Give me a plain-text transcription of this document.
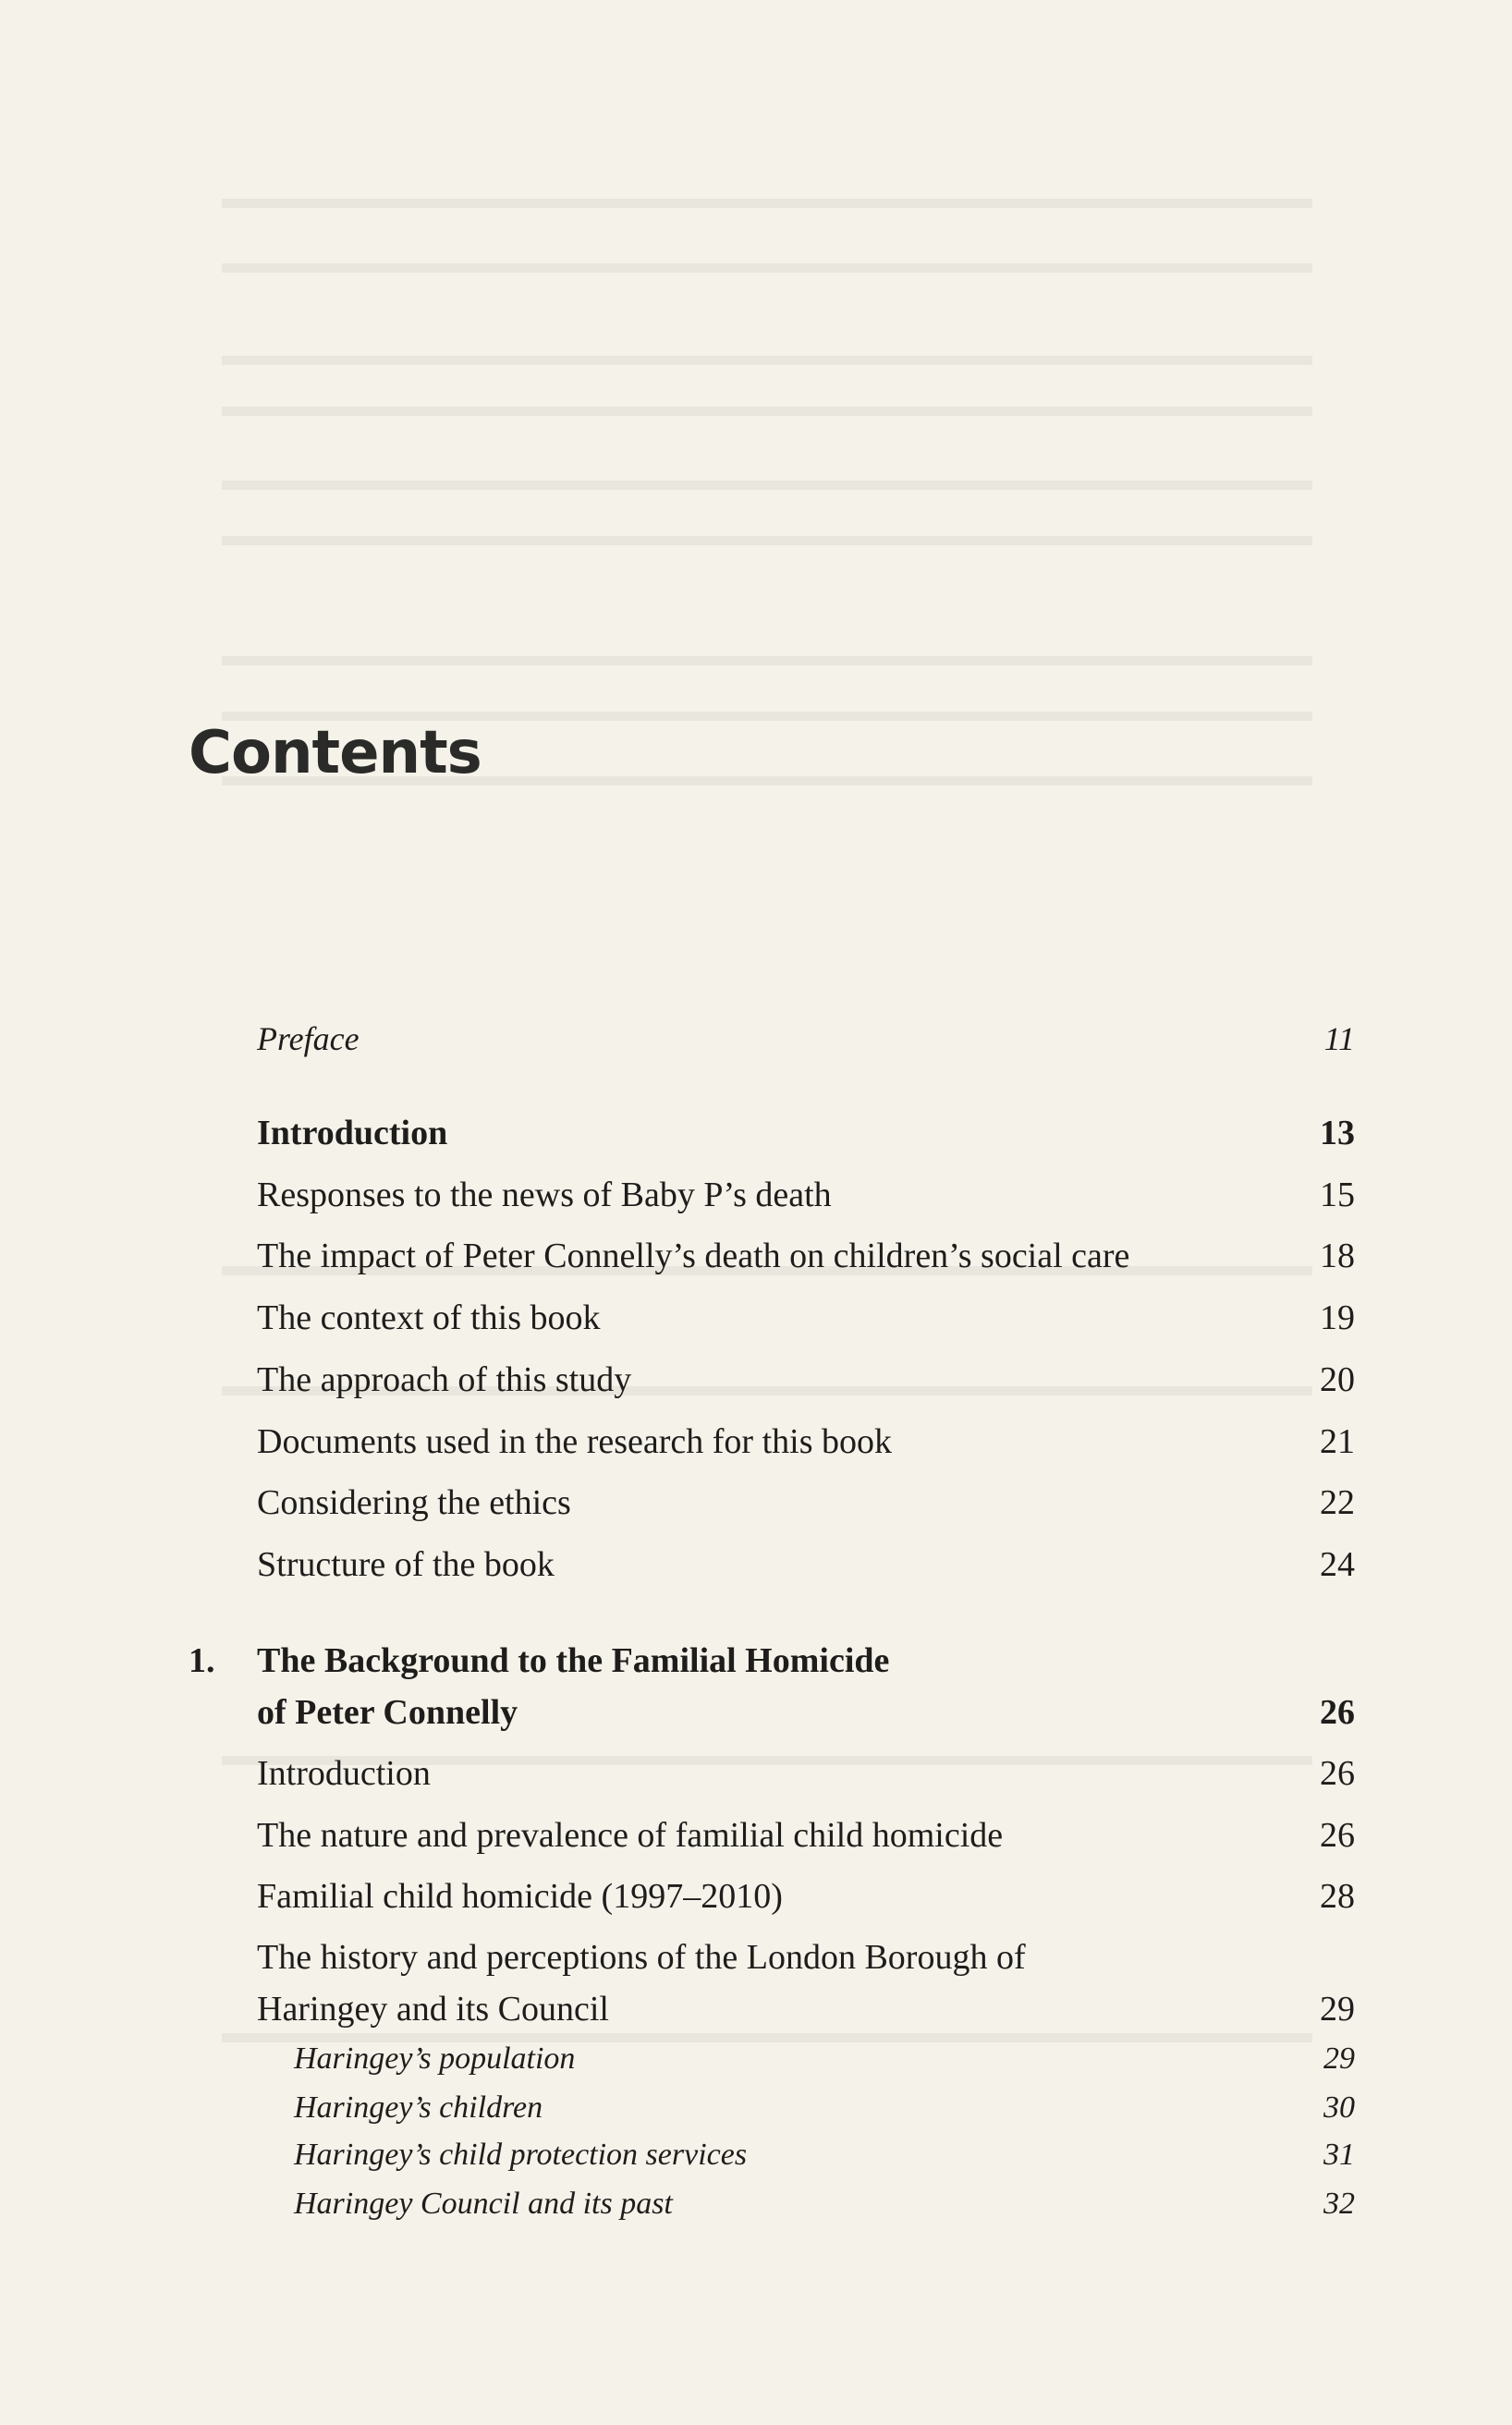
Contents
Preface	11
Introduction	13
Responses to the news of Baby P’s death	15
The impact of Peter Connelly’s death on children’s social care	18
The context of this book	19
The approach of this study	20
Documents used in the research for this book	21
Considering the ethics	22
Structure of the book	24
1. The Background to the Familial Homicide
of Peter Connelly	26
Introduction	26
The nature and prevalence of familial child homicide	26
Familial child homicide (1997–2010)	28
The history and perceptions of the London Borough of
Haringey and its Council	29
Haringey’s population	29
Haringey’s children	30
Haringey’s child protection services	31
Haringey Council and its past	32
